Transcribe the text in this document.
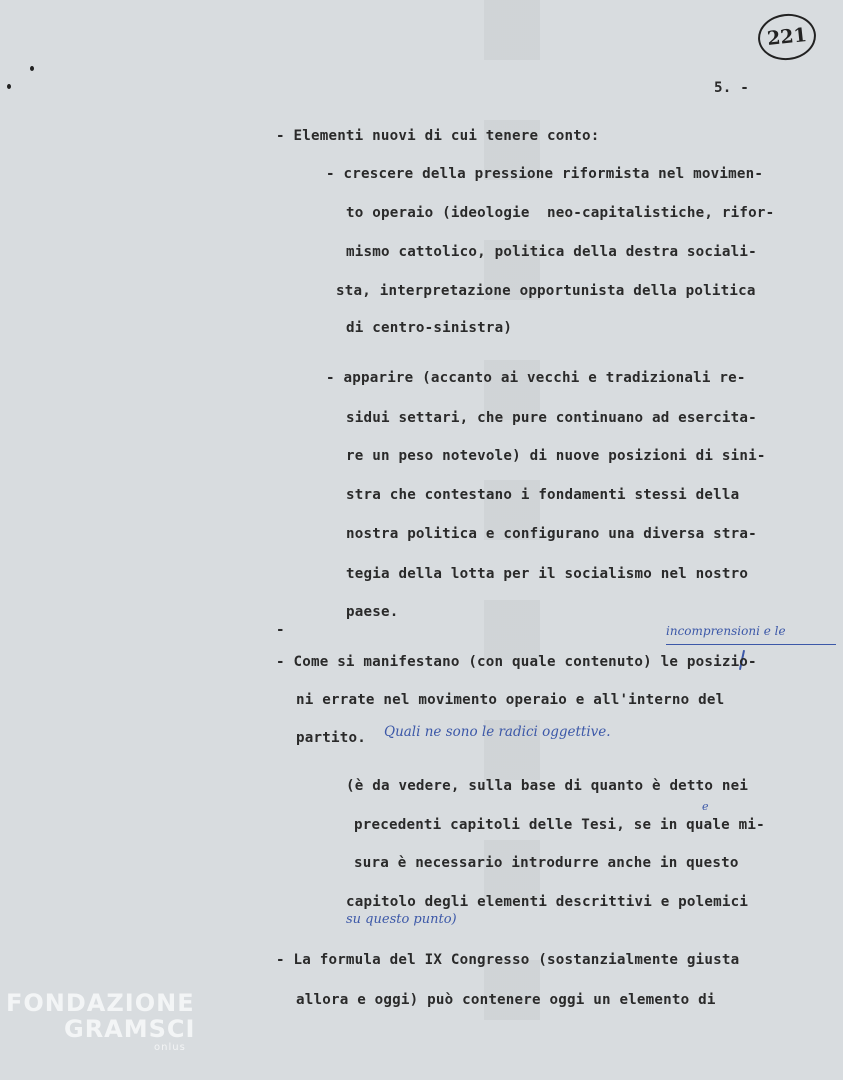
221
5. -
- Elementi nuovi di cui tenere conto:
- crescere della pressione riformista nel movimen-
to operaio (ideologie  neo-capitalistiche, rifor-
mismo cattolico, politica della destra sociali-
sta, interpretazione opportunista della politica
di centro-sinistra)
- apparire (accanto ai vecchi e tradizionali re-
sidui settari, che pure continuano ad esercita-
re un peso notevole) di nuove posizioni di sini-
stra che contestano i fondamenti stessi della
nostra politica e configurano una diversa stra-
tegia della lotta per il socialismo nel nostro
paese.
-	incomprensioni e le
- Come si manifestano (con quale contenuto) le posizio-
ni errate nel movimento operaio e all'interno del
partito. Quali ne sono le radici oggettive.
(è da vedere, sulla base di quanto è detto nei
precedenti capitoli delle Tesi, se in quale mi-
e
sura è necessario introdurre anche in questo
capitolo degli elementi descrittivi e polemici
su questo punto)
- La formula del IX Congresso (sostanzialmente giusta
allora e oggi) può contenere oggi un elemento di
FONDAZIONE
GRAMSCI
onlus
